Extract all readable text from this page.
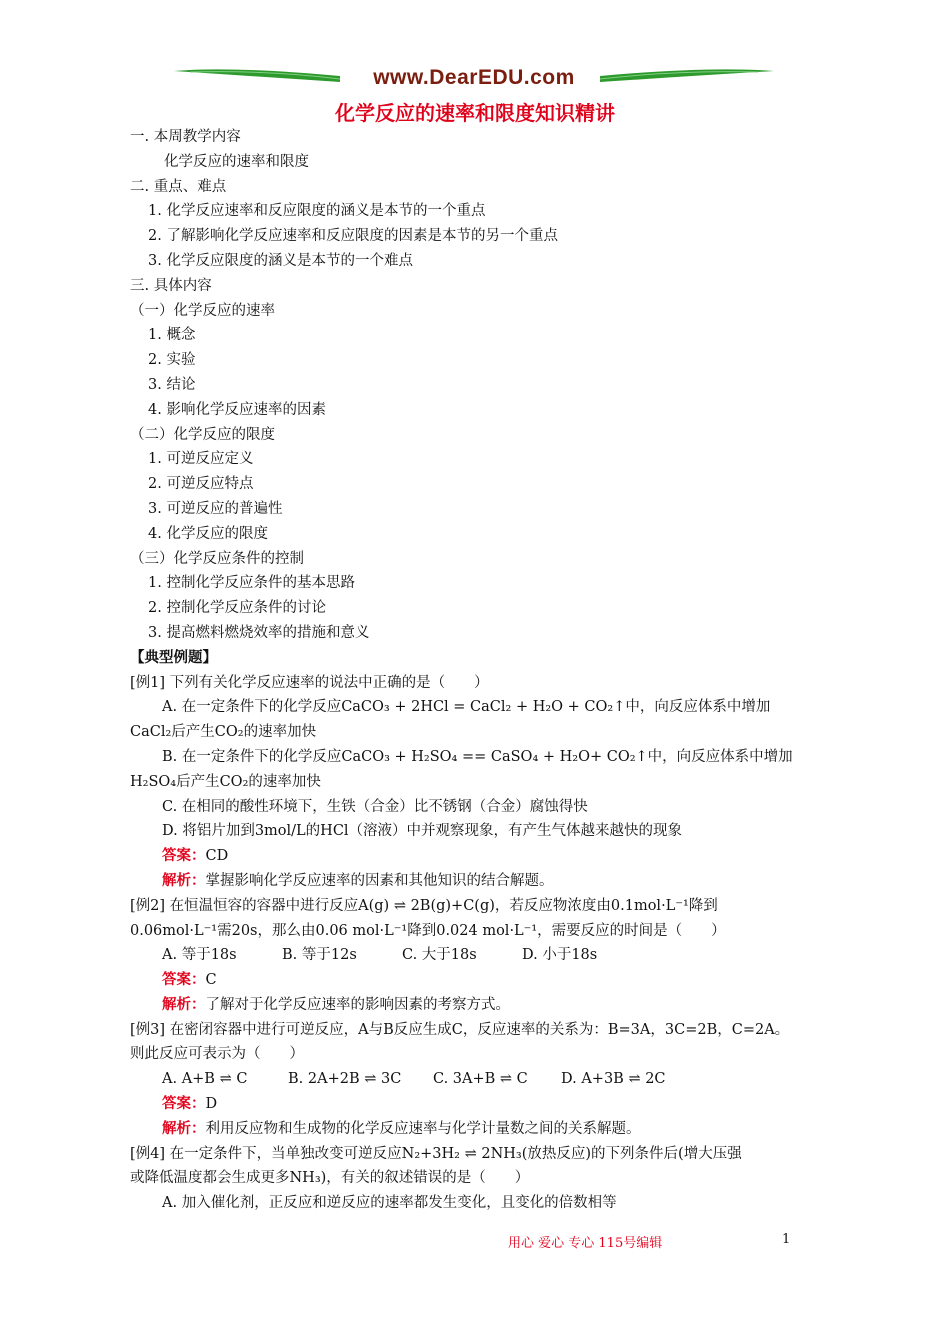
www.DearEDU.com
化学反应的速率和限度知识精讲
一. 本周教学内容
化学反应的速率和限度
二. 重点、难点
1. 化学反应速率和反应限度的涵义是本节的一个重点
2. 了解影响化学反应速率和反应限度的因素是本节的另一个重点
3. 化学反应限度的涵义是本节的一个难点
三. 具体内容
（一）化学反应的速率
1. 概念
2. 实验
3. 结论
4. 影响化学反应速率的因素
（二）化学反应的限度
1. 可逆反应定义
2. 可逆反应特点
3. 可逆反应的普遍性
4. 化学反应的限度
（三）化学反应条件的控制
1. 控制化学反应条件的基本思路
2. 控制化学反应条件的讨论
3. 提高燃料燃烧效率的措施和意义
【典型例题】
[例1] 下列有关化学反应速率的说法中正确的是（　　）
A. 在一定条件下的化学反应CaCO₃ + 2HCl = CaCl₂ + H₂O + CO₂↑中，向反应体系中增加
CaCl₂后产生CO₂的速率加快
B. 在一定条件下的化学反应CaCO₃ + H₂SO₄ == CaSO₄ + H₂O+ CO₂↑中，向反应体系中增加
H₂SO₄后产生CO₂的速率加快
C. 在相同的酸性环境下，生铁（合金）比不锈钢（合金）腐蚀得快
D. 将铝片加到3mol/L的HCl（溶液）中并观察现象，有产生气体越来越快的现象
答案：CD
解析：掌握影响化学反应速率的因素和其他知识的结合解题。
[例2] 在恒温恒容的容器中进行反应A(g) ⇌ 2B(g)+C(g)，若反应物浓度由0.1mol·L⁻¹降到
0.06mol·L⁻¹需20s，那么由0.06 mol·L⁻¹降到0.024 mol·L⁻¹，需要反应的时间是（　　）
A. 等于18s	B. 等于12s	C. 大于18s	D. 小于18s
答案：C
解析：了解对于化学反应速率的影响因素的考察方式。
[例3] 在密闭容器中进行可逆反应，A与B反应生成C，反应速率的关系为：B=3A，3C=2B，C=2A。
则此反应可表示为（　　）
A. A+B ⇌ C	B. 2A+2B ⇌ 3C C. 3A+B ⇌ C D. A+3B ⇌ 2C
答案：D
解析：利用反应物和生成物的化学反应速率与化学计量数之间的关系解题。
[例4] 在一定条件下，当单独改变可逆反应N₂+3H₂ ⇌ 2NH₃(放热反应)的下列条件后(增大压强
或降低温度都会生成更多NH₃)，有关的叙述错误的是（　　）
A. 加入催化剂，正反应和逆反应的速率都发生变化，且变化的倍数相等
用心 爱心 专心 115号编辑	1
